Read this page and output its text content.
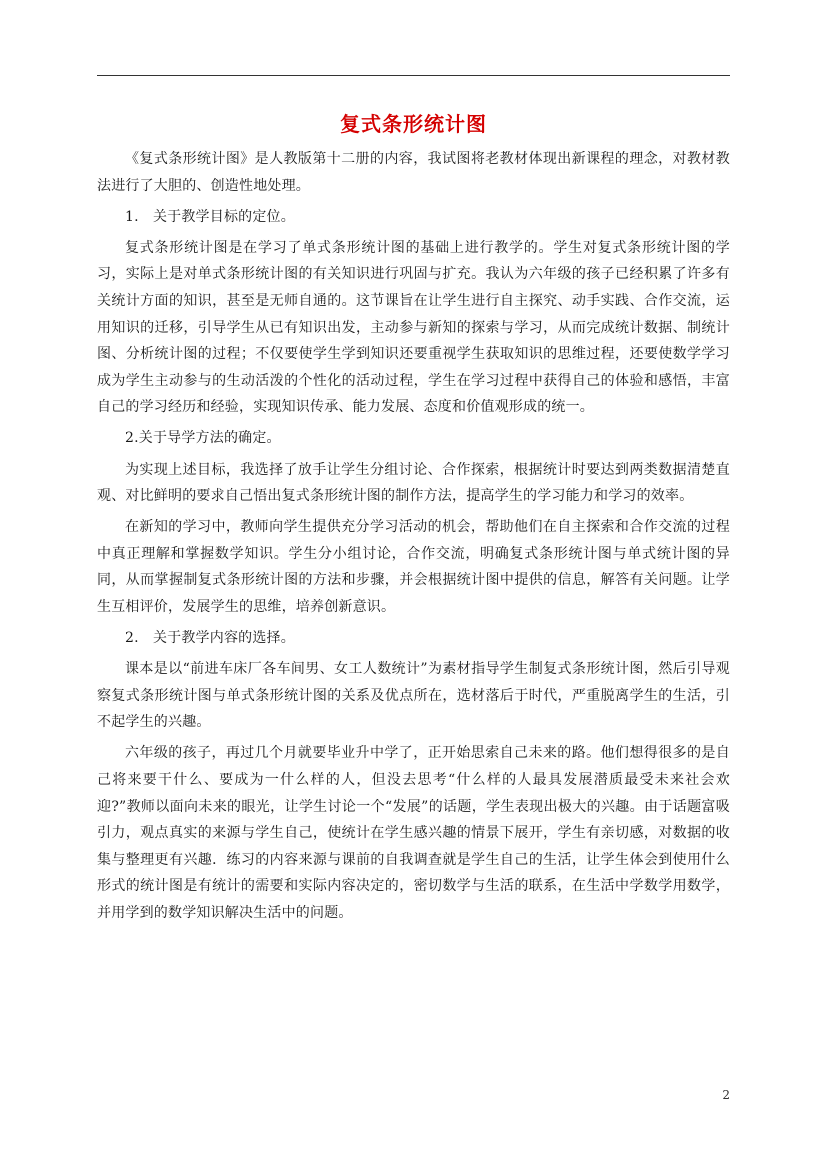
复式条形统计图

《复式条形统计图》是人教版第十二册的内容，我试图将老教材体现出新课程的理念，对教材教法进行了大胆的、创造性地处理。

1.　关于教学目标的定位。

复式条形统计图是在学习了单式条形统计图的基础上进行教学的。学生对复式条形统计图的学习，实际上是对单式条形统计图的有关知识进行巩固与扩充。我认为六年级的孩子已经积累了许多有关统计方面的知识，甚至是无师自通的。这节课旨在让学生进行自主探究、动手实践、合作交流，运用知识的迁移，引导学生从已有知识出发，主动参与新知的探索与学习，从而完成统计数据、制统计图、分析统计图的过程；不仅要使学生学到知识还要重视学生获取知识的思维过程，还要使数学学习成为学生主动参与的生动活泼的个性化的活动过程，学生在学习过程中获得自己的体验和感悟，丰富自己的学习经历和经验，实现知识传承、能力发展、态度和价值观形成的统一。

2.关于导学方法的确定。

为实现上述目标，我选择了放手让学生分组讨论、合作探索，根据统计时要达到两类数据清楚直观、对比鲜明的要求自己悟出复式条形统计图的制作方法，提高学生的学习能力和学习的效率。

在新知的学习中，教师向学生提供充分学习活动的机会，帮助他们在自主探索和合作交流的过程中真正理解和掌握数学知识。学生分小组讨论，合作交流，明确复式条形统计图与单式统计图的异同，从而掌握制复式条形统计图的方法和步骤，并会根据统计图中提供的信息，解答有关问题。让学生互相评价，发展学生的思维，培养创新意识。

2.　关于教学内容的选择。

课本是以“前进车床厂各车间男、女工人数统计”为素材指导学生制复式条形统计图，然后引导观察复式条形统计图与单式条形统计图的关系及优点所在，选材落后于时代，严重脱离学生的生活，引不起学生的兴趣。

六年级的孩子，再过几个月就要毕业升中学了，正开始思索自己未来的路。他们想得很多的是自己将来要干什么、要成为一什么样的人，但没去思考“什么样的人最具发展潜质最受未来社会欢迎?”教师以面向未来的眼光，让学生讨论一个“发展”的话题，学生表现出极大的兴趣。由于话题富吸引力，观点真实的来源与学生自己，使统计在学生感兴趣的情景下展开，学生有亲切感，对数据的收集与整理更有兴趣．练习的内容来源与课前的自我调查就是学生自己的生活，让学生体会到使用什么形式的统计图是有统计的需要和实际内容决定的，密切数学与生活的联系，在生活中学数学用数学，并用学到的数学知识解决生活中的问题。

2
